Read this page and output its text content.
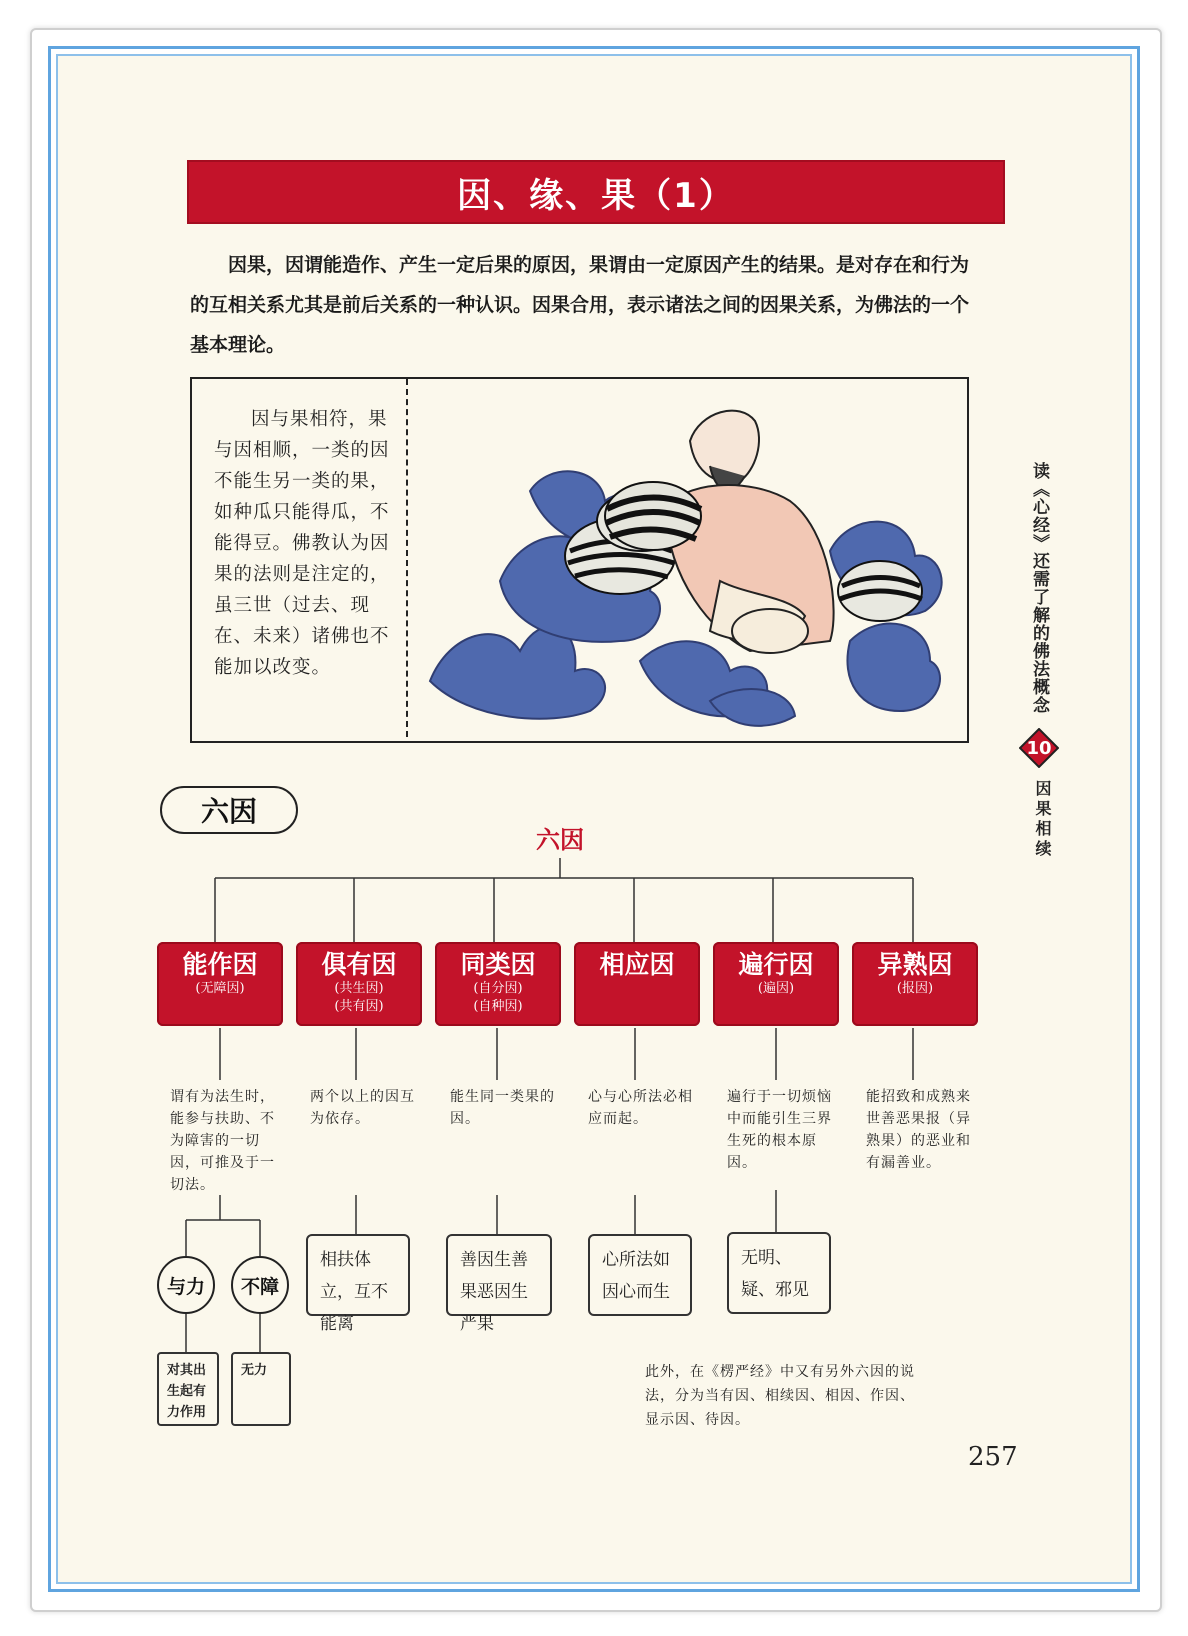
因、缘、果（1）

因果，因谓能造作、产生一定后果的原因，果谓由一定原因产生的结果。是对存在和行为的互相关系尤其是前后关系的一种认识。因果合用，表示诸法之间的因果关系，为佛法的一个基本理论。

因与果相符，果与因相顺，一类的因不能生另一类的果，如种瓜只能得瓜，不能得豆。佛教认为因果的法则是注定的，虽三世（过去、现在、未来）诸佛也不能加以改变。	读《心经》还需了解的佛法概念
10
因果相续
六因
六因
能作因
(无障因)
俱有因
(共生因)
(共有因)
同类因
(自分因)
(自种因)
相应因	遍行因
(遍因)
异熟因
(报因)
谓有为法生时，能参与扶助、不为障害的一切因，可推及于一切法。
两个以上的因互为依存。
能生同一类果的因。
心与心所法必相应而起。
遍行于一切烦恼中而能引生三界生死的根本原因。
能招致和成熟来世善恶果报（异熟果）的恶业和有漏善业。
相扶体立，互不能离
善因生善果恶因生严果
心所法如因心而生
无明、疑、邪见
与力	不障
对其出生起有力作用
无力	此外，在《楞严经》中又有另外六因的说法，分为当有因、相续因、相因、作因、显示因、待因。
257
